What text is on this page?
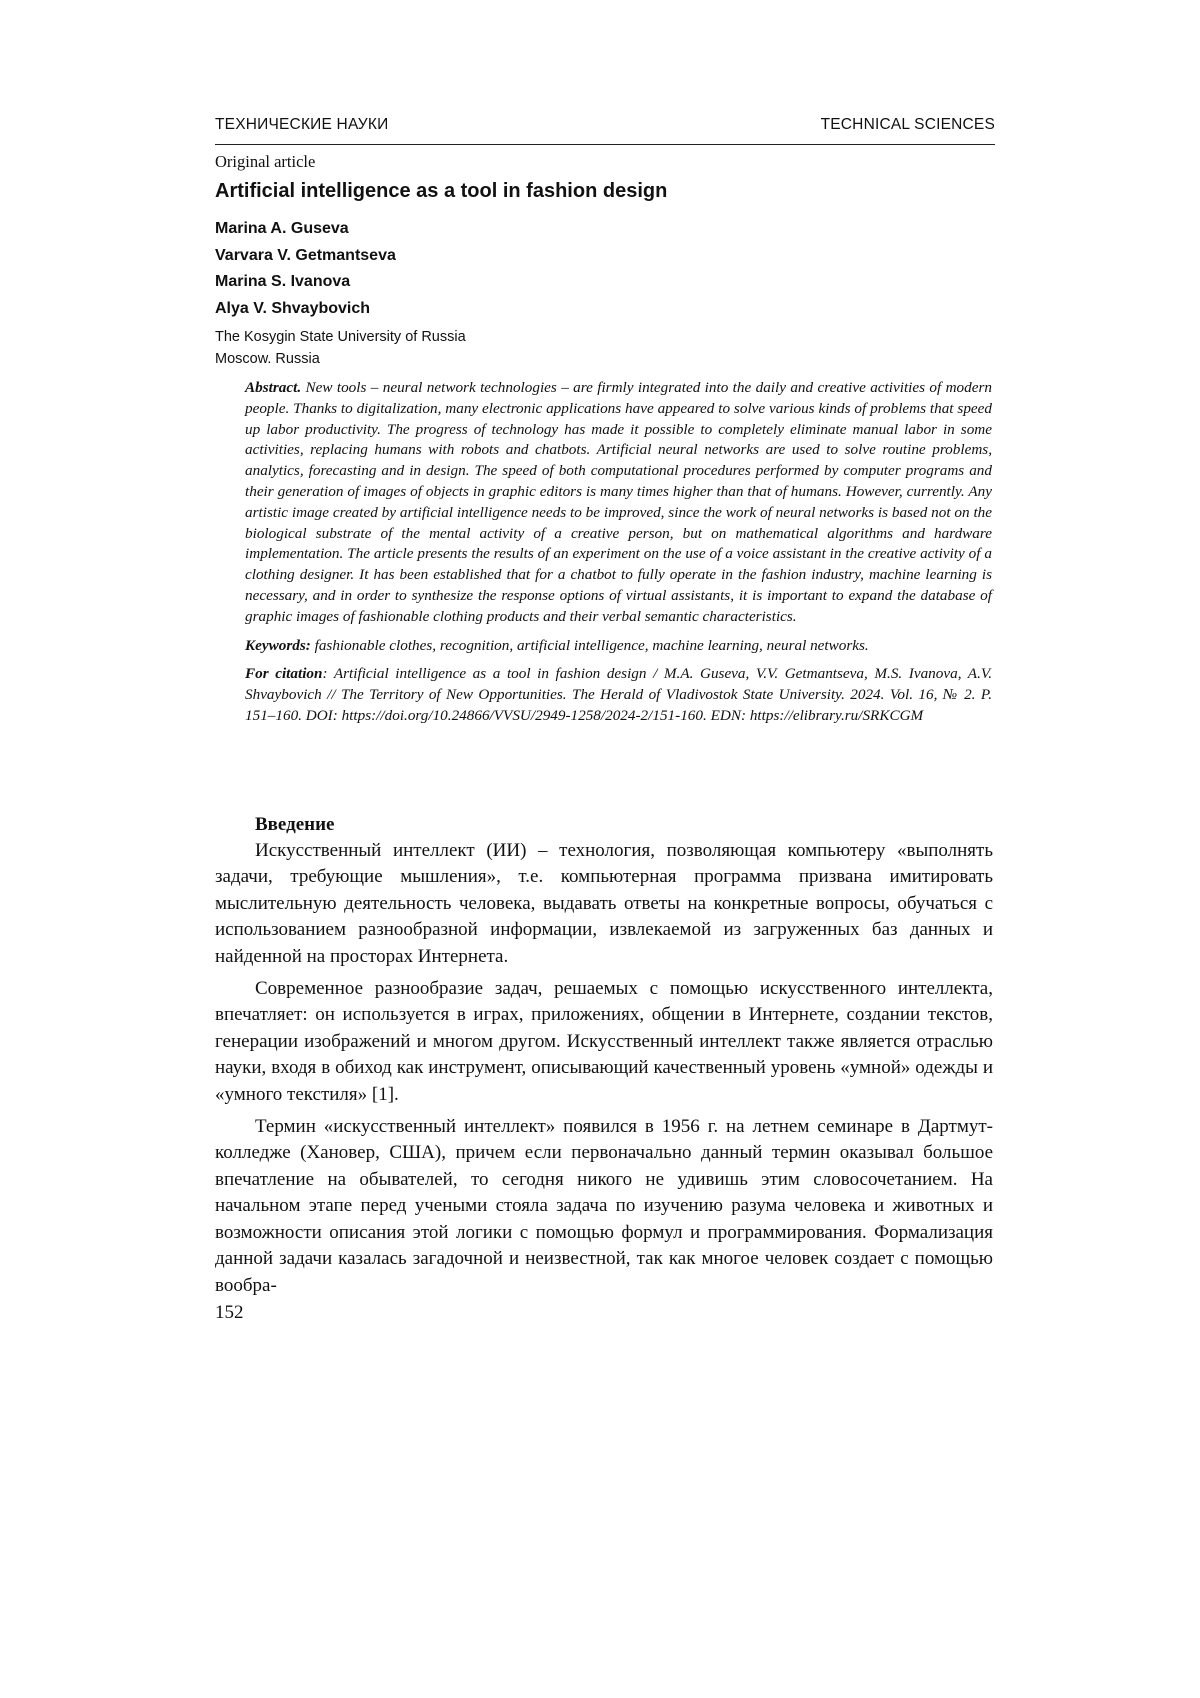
ТЕХНИЧЕСКИЕ НАУКИ	TECHNICAL SCIENCES
Original article
Artificial intelligence as a tool in fashion design
Marina A. Guseva
Varvara V. Getmantseva
Marina S. Ivanova
Alya V. Shvaybovich
The Kosygin State University of Russia
Moscow. Russia

Abstract. New tools – neural network technologies – are firmly integrated into the daily and creative activities of modern people. Thanks to digitalization, many electronic applications have appeared to solve various kinds of problems that speed up labor productivity. The progress of technology has made it possible to completely eliminate manual labor in some activities, replacing humans with robots and chatbots. Artificial neural networks are used to solve routine problems, analytics, forecasting and in design. The speed of both computational procedures performed by computer programs and their generation of images of objects in graphic editors is many times higher than that of humans. However, currently. Any artistic image created by artificial intelligence needs to be improved, since the work of neural networks is based not on the biological substrate of the mental activity of a creative person, but on mathematical algorithms and hardware implementation. The article presents the results of an experiment on the use of a voice assistant in the creative activity of a clothing designer. It has been established that for a chatbot to fully operate in the fashion industry, machine learning is necessary, and in order to synthesize the response options of virtual assistants, it is important to expand the database of graphic images of fashionable clothing products and their verbal semantic characteristics.

Keywords: fashionable clothes, recognition, artificial intelligence, machine learning, neural networks.

For citation: Artificial intelligence as a tool in fashion design / M.A. Guseva, V.V. Getmantseva, M.S. Ivanova, A.V. Shvaybovich // The Territory of New Opportunities. The Herald of Vladivostok State University. 2024. Vol. 16, № 2. P. 151–160. DOI: https://doi.org/10.24866/VVSU/2949-1258/2024-2/151-160. EDN: https://elibrary.ru/SRKCGM

Введение

Искусственный интеллект (ИИ) – технология, позволяющая компьютеру «выполнять задачи, требующие мышления», т.е. компьютерная программа призвана имитировать мыслительную деятельность человека, выдавать ответы на конкретные вопросы, обучаться с использованием разнообразной информации, извлекаемой из загруженных баз данных и найденной на просторах Интернета.

Современное разнообразие задач, решаемых с помощью искусственного интеллекта, впечатляет: он используется в играх, приложениях, общении в Интернете, создании текстов, генерации изображений и многом другом. Искусственный интеллект также является отраслью науки, входя в обиход как инструмент, описывающий качественный уровень «умной» одежды и «умного текстиля» [1].

Термин «искусственный интеллект» появился в 1956 г. на летнем семинаре в Дартмут-колледже (Хановер, США), причем если первоначально данный термин оказывал большое впечатление на обывателей, то сегодня никого не удивишь этим словосочетанием. На начальном этапе перед учеными стояла задача по изучению разума человека и животных и возможности описания этой логики с помощью формул и программирования. Формализация данной задачи казалась загадочной и неизвестной, так как многое человек создает с помощью вообра-

152
